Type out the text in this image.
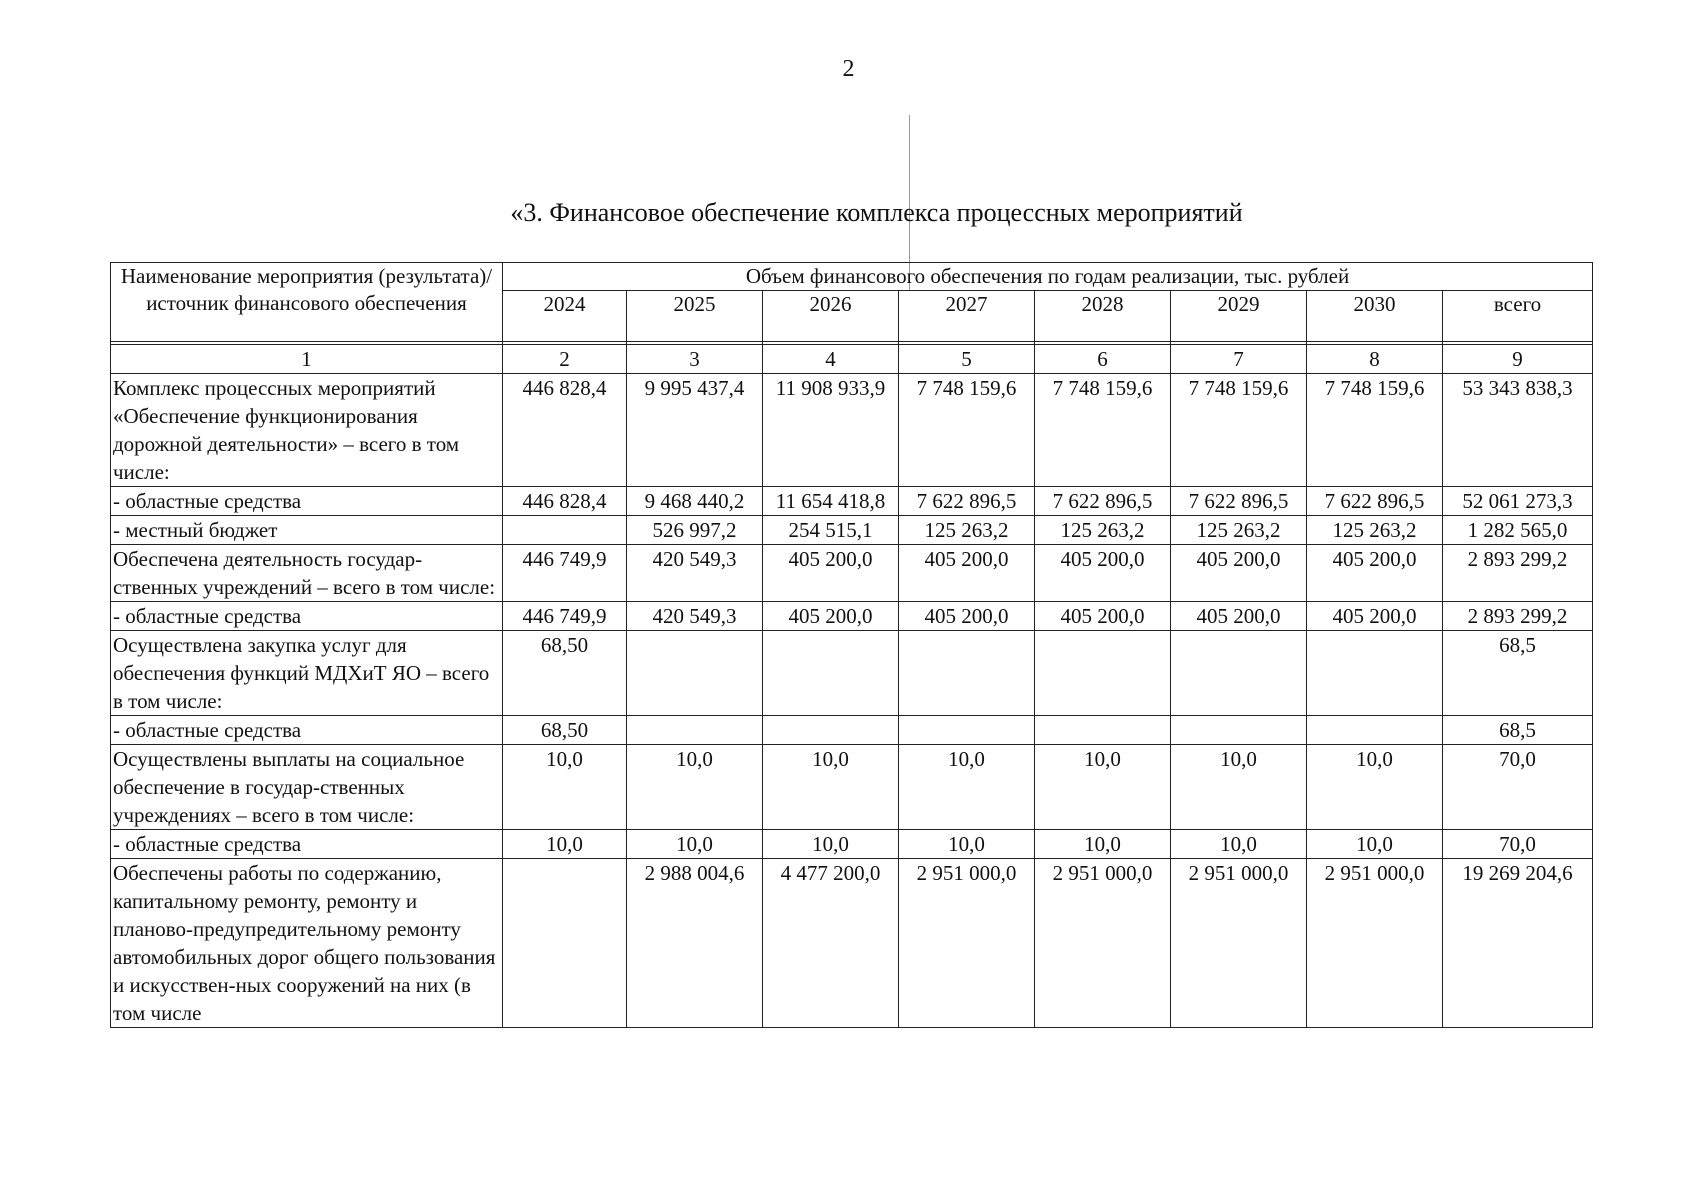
2
«3. Финансовое обеспечение комплекса процессных мероприятий
Наименование мероприятия (результата)/ источник финансового обеспечения	Объем финансового обеспечения по годам реализации, тыс. рублей							
	2024	2025	2026	2027	2028	2029	2030	всего

1	2	3	4	5	6	7	8	9
Комплекс процессных мероприятий «Обеспечение функционирования дорожной деятельности» – всего в том числе:	446 828,4	9 995 437,4	11 908 933,9	7 748 159,6	7 748 159,6	7 748 159,6	7 748 159,6	53 343 838,3
- областные средства	446 828,4	9 468 440,2	11 654 418,8	7 622 896,5	7 622 896,5	7 622 896,5	7 622 896,5	52 061 273,3
- местный бюджет		526 997,2	254 515,1	125 263,2	125 263,2	125 263,2	125 263,2	1 282 565,0
Обеспечена деятельность государ-ственных учреждений – всего в том числе:	446 749,9	420 549,3	405 200,0	405 200,0	405 200,0	405 200,0	405 200,0	2 893 299,2
- областные средства	446 749,9	420 549,3	405 200,0	405 200,0	405 200,0	405 200,0	405 200,0	2 893 299,2
Осуществлена закупка услуг для обеспечения функций МДХиТ ЯО – всего в том числе:	68,50							68,5
- областные средства	68,50							68,5
Осуществлены выплаты на социальное обеспечение в государ-ственных учреждениях – всего в том числе:	10,0	10,0	10,0	10,0	10,0	10,0	10,0	70,0
- областные средства	10,0	10,0	10,0	10,0	10,0	10,0	10,0	70,0
Обеспечены работы по содержанию, капитальному ремонту, ремонту и планово-предупредительному ремонту автомобильных дорог общего пользования и искусствен-ных сооружений на них (в том числе		2 988 004,6	4 477 200,0	2 951 000,0	2 951 000,0	2 951 000,0	2 951 000,0	19 269 204,6
